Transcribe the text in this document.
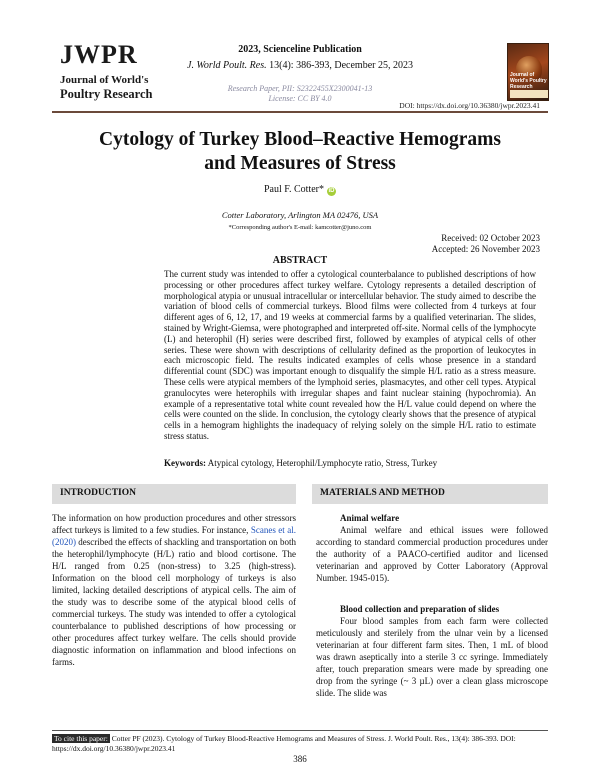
JWPR
Journal of World's
Poultry Research
2023, Scienceline Publication
J. World Poult. Res. 13(4): 386-393, December 25, 2023
Research Paper, PII: S2322455X2300041-13
License: CC BY 4.0
DOI: https://dx.doi.org/10.36380/jwpr.2023.41
Journal of World's Poultry Research
Cytology of Turkey Blood–Reactive Hemograms
and Measures of Stress
Paul F. Cotter* iD
Cotter Laboratory, Arlington MA 02476, USA
*Corresponding author's E-mail: kamcotter@juno.com
Received: 02 October 2023
Accepted: 26 November 2023
ABSTRACT
The current study was intended to offer a cytological counterbalance to published descriptions of how processing or other procedures affect turkey welfare. Cytology represents a detailed description of morphological atypia or unusual intracellular or intercellular behavior. The study aimed to describe the variation of blood cells of commercial turkeys. Blood films were collected from 4 turkeys at four different ages of 6, 12, 17, and 19 weeks at commercial farms by a qualified veterinarian. The slides, stained by Wright-Giemsa, were photographed and interpreted off-site. Normal cells of the lymphocyte (L) and heterophil (H) series were described first, followed by examples of atypical cells of other series. These were shown with descriptions of cellularity defined as the proportion of leukocytes in each microscopic field. The results indicated examples of cells whose presence in a standard differential count (SDC) was important enough to disqualify the simple H/L ratio as a stress measure. These cells were atypical members of the lymphoid series, plasmacytes, and other cell types. Atypical granulocytes were heterophils with irregular shapes and faint nuclear staining (hypochromia). An example of a representative total white count revealed how the H/L value could depend on where the cells were counted on the slide. In conclusion, the cytology clearly shows that the presence of atypical cells in a hemogram highlights the inadequacy of relying solely on the simple H/L ratio to estimate stress status.
Keywords: Atypical cytology, Heterophil/Lymphocyte ratio, Stress, Turkey
INTRODUCTION	MATERIALS AND METHOD

The information on how production procedures and other stressors affect turkeys is limited to a few studies. For instance, Scanes et al. (2020) described the effects of shackling and transportation on both the heterophil/lymphocyte (H/L) ratio and blood cortisone. The H/L ranged from 0.25 (non-stress) to 3.25 (high-stress). Information on the blood cell morphology of turkeys is also limited, lacking detailed descriptions of atypical cells. The aim of the study was to describe some of the atypical blood cells of commercial turkeys. The study was intended to offer a cytological counterbalance to published descriptions of how processing or other procedures affect turkey welfare. The cells should provide diagnostic information on inflammation and blood infections on farms.

Animal welfare

Animal welfare and ethical issues were followed according to standard commercial production procedures under the authority of a PAACO-certified auditor and licensed veterinarian and approved by Cotter Laboratory (Approval Number. 1945-015).

Blood collection and preparation of slides

Four blood samples from each farm were collected meticulously and sterilely from the ulnar vein by a licensed veterinarian at four different farm sites. Then, 1 mL of blood was drawn aseptically into a sterile 3 cc syringe. Immediately after, touch preparation smears were made by spreading one drop from the syringe (~ 3 µL) over a clean glass microscope slide. The slide was

To cite this paper: Cotter PF (2023). Cytology of Turkey Blood-Reactive Hemograms and Measures of Stress. J. World Poult. Res., 13(4): 386-393. DOI: https://dx.doi.org/10.36380/jwpr.2023.41
386
